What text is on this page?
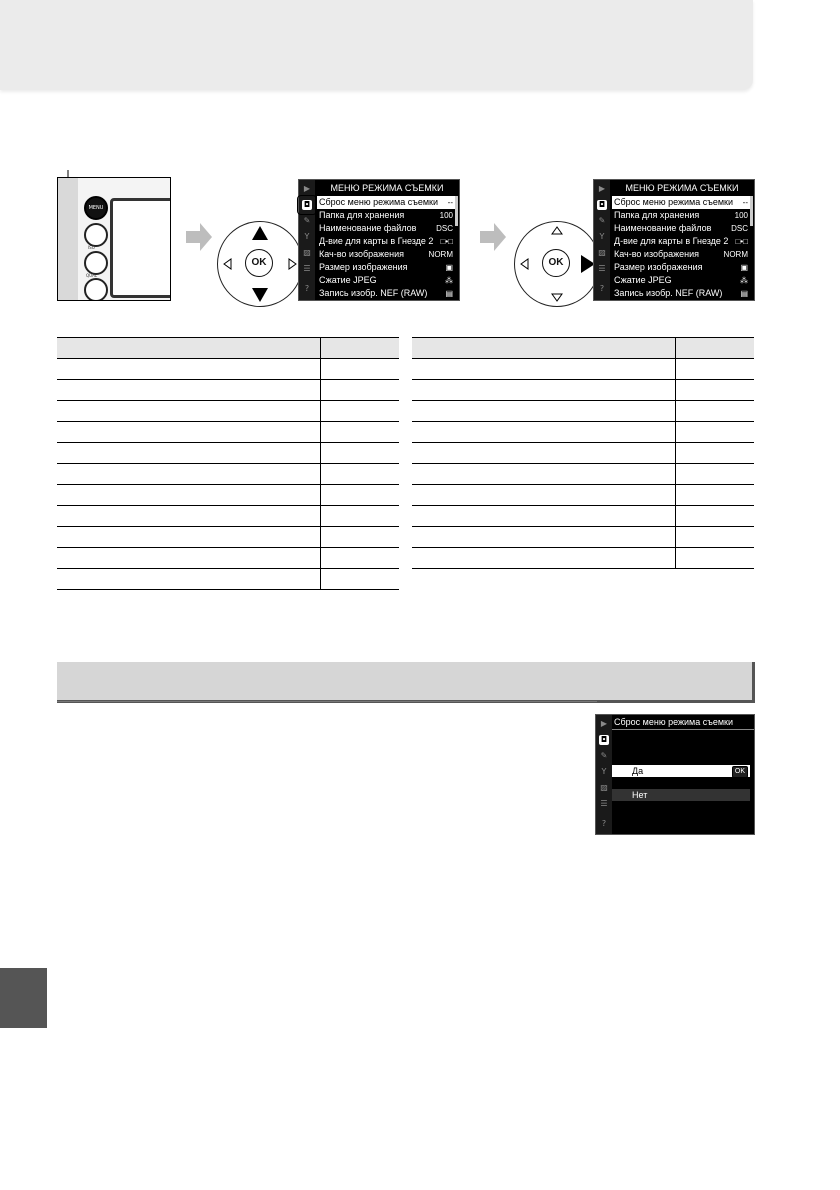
MENU
ISO
QUAL
OK
▶
◘
✎
Y
▨
☰
?
МЕНЮ РЕЖИМА СЪЕМКИ
Сброс меню режима съемки --
Папка для хранения	100
Наименование файлов DSC
Д-вие для карты в Гнезде 2 □•□
Кач-во изображения	NORM
Размер изображения	▣
Сжатие JPEG	⁂
Запись изобр. NEF (RAW) ▤
OK
▶
◘
✎
Y
▨
☰
?
МЕНЮ РЕЖИМА СЪЕМКИ
Сброс меню режима съемки --
Папка для хранения	100
Наименование файлов DSC
Д-вие для карты в Гнезде 2 □•□
Кач-во изображения	NORM
Размер изображения	▣
Сжатие JPEG	⁂
Запись изобр. NEF (RAW) ▤

▶
◘
✎
Y
▨
☰
?
Сброс меню режима съемки
Да	OK
Нет
